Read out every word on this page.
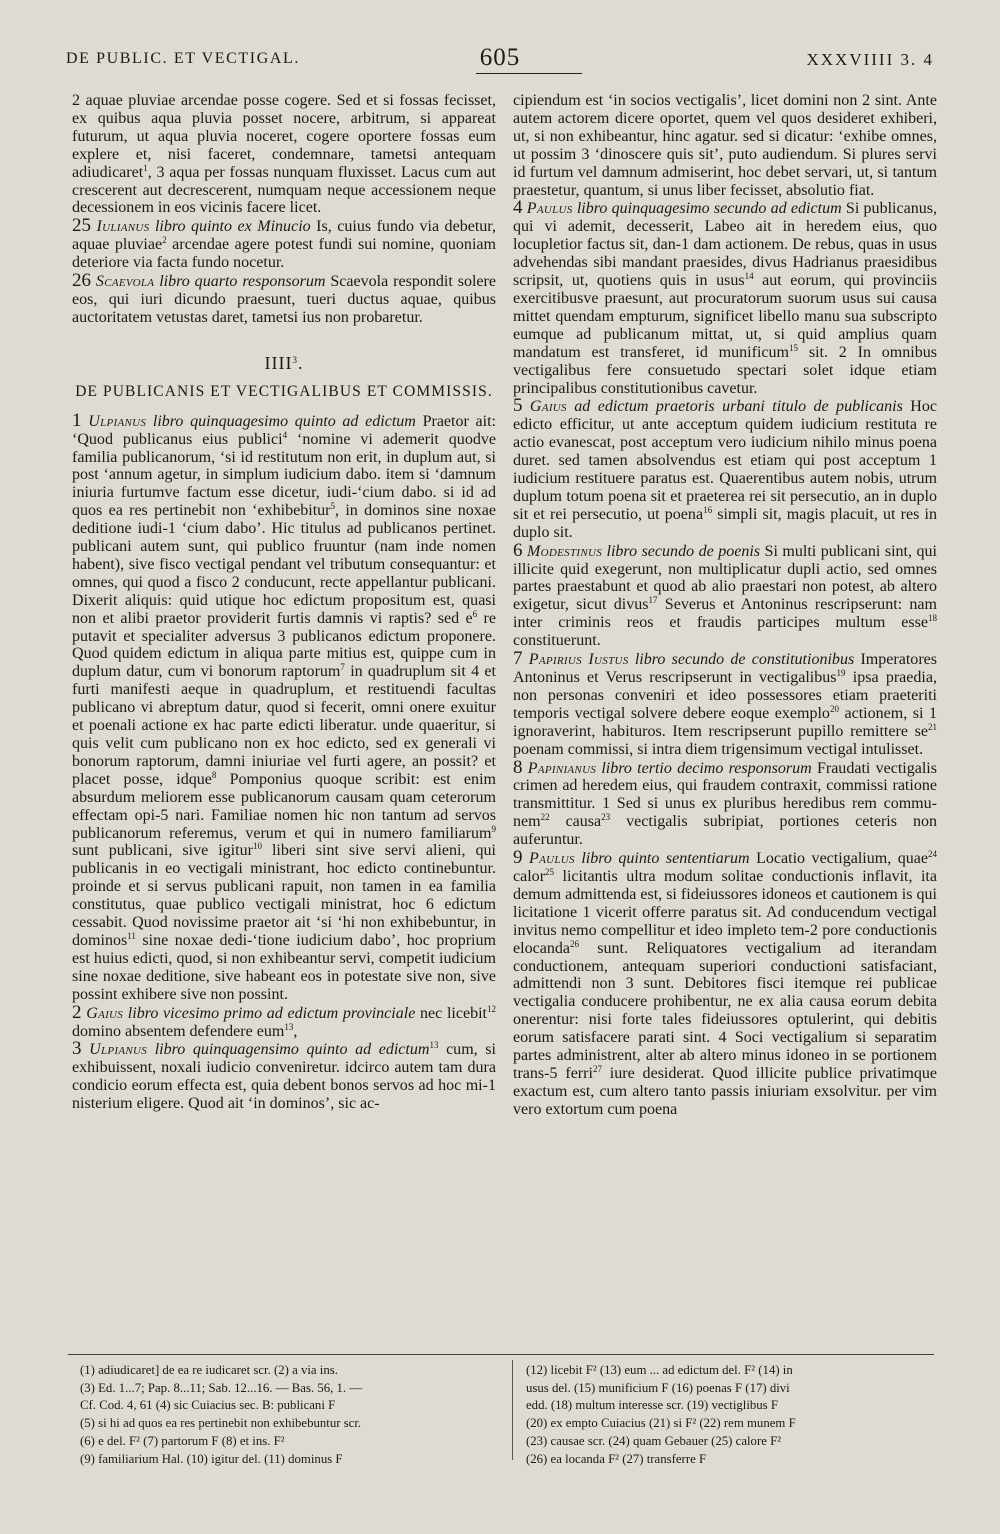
DE PUBLIC. ET VECTIGAL.	605	XXXVIIII 3. 4

2 aquae pluviae arcendae posse cogere. Sed et si fossas fecisset, ex quibus aqua pluvia posset nocere, arbitrum, si appareat futurum, ut aqua pluvia noceret, cogere oportere fossas eum explere et, nisi faceret, condemnare, tametsi antequam adiudicaret$^1$, 3 aqua per fossas nunquam fluxisset. Lacus cum aut crescerent aut decrescerent, numquam neque accessionem neque decessionem in eos vicinis facere licet.

25 Iulianus libro quinto ex Minucio Is, cuius fundo via debetur, aquae pluviae$^2$ arcendae agere potest fundi sui nomine, quoniam deteriore via facta fundo nocetur.

26 Scaevola libro quarto responsorum Scaevola respondit solere eos, qui iuri dicundo praesunt, tueri ductus aquae, quibus auctoritatem vetustas daret, tametsi ius non probaretur.

IIII$^3$.

DE PUBLICANIS ET VECTIGALIBUS ET COMMISSIS.

1 Ulpianus libro quinquagesimo quinto ad edictum Praetor ait: ‘Quod publicanus eius publici$^4$ ‘nomine vi ademerit quodve familia publicanorum, ‘si id restitutum non erit, in duplum aut, si post ‘annum agetur, in simplum iudicium dabo. item si ‘damnum iniuria furtumve factum esse dicetur, iudi-‘cium dabo. si id ad quos ea res pertinebit non ‘exhibebitur$^5$, in dominos sine noxae deditione iudi-1 ‘cium dabo’. Hic titulus ad publicanos pertinet. publicani autem sunt, qui publico fruuntur (nam inde nomen habent), sive fisco vectigal pendant vel tributum consequantur: et omnes, qui quod a fisco 2 conducunt, recte appellantur publicani. Dixerit aliquis: quid utique hoc edictum propositum est, quasi non et alibi praetor providerit furtis damnis vi raptis? sed $e^6$ re putavit et specialiter adversus 3 publicanos edictum proponere. Quod quidem edictum in aliqua parte mitius est, quippe cum in duplum datur, cum vi bonorum raptorum$^7$ in quadruplum sit 4 et furti manifesti aeque in quadruplum, et restituendi facultas publicano vi abreptum datur, quod si fecerit, omni onere exuitur et poenali actione ex hac parte edicti liberatur. unde quaeritur, si quis velit cum publicano non ex hoc edicto, sed ex generali vi bonorum raptorum, damni iniuriae vel furti agere, an possit? et placet posse, idque$^8$ Pomponius quoque scribit: est enim absurdum meliorem esse publicanorum causam quam ceterorum effectam opi-5 nari. Familiae nomen hic non tantum ad servos publicanorum referemus, verum et qui in numero familiarum$^9$ sunt publicani, sive igitur$^{10}$ liberi sint sive servi alieni, qui publicanis in eo vectigali ministrant, hoc edicto continebuntur. proinde et si servus publicani rapuit, non tamen in ea familia constitutus, quae publico vectigali ministrat, hoc 6 edictum cessabit. Quod novissime praetor ait ‘si ‘hi non exhibebuntur, in dominos$^{11}$ sine noxae dedi-‘tione iudicium dabo’, hoc proprium est huius edicti, quod, si non exhibeantur servi, competit iudicium sine noxae deditione, sive habeant eos in potestate sive non, sive possint exhibere sive non possint.

2 Gaius libro vicesimo primo ad edictum provinciale nec licebit$^{12}$ domino absentem defendere eum$^{13}$,

3 Ulpianus libro quinquagensimo quinto ad edictum$^{13}$ cum, si exhibuissent, noxali iudicio conveniretur. idcirco autem tam dura condicio eorum effecta est, quia debent bonos servos ad hoc mi-1 nisterium eligere. Quod ait ‘in dominos’, sic ac-

cipiendum est ‘in socios vectigalis’, licet domini non 2 sint. Ante autem actorem dicere oportet, quem vel quos desideret exhiberi, ut, si non exhibeantur, hinc agatur. sed si dicatur: ‘exhibe omnes, ut possim 3 ‘dinoscere quis sit’, puto audiendum. Si plures servi id furtum vel damnum admiserint, hoc debet servari, ut, si tantum praestetur, quantum, si unus liber fecisset, absolutio fiat.

4 Paulus libro quinquagesimo secundo ad edictum Si publicanus, qui vi ademit, decesserit, Labeo ait in heredem eius, quo locupletior factus sit, dan-1 dam actionem. De rebus, quas in usus advehendas sibi mandant praesides, divus Hadrianus praesidibus scripsit, ut, quotiens quis in usus$^{14}$ aut eorum, qui provinciis exercitibusve praesunt, aut procuratorum suorum usus sui causa mittet quendam empturum, significet libello manu sua subscripto eumque ad publicanum mittat, ut, si quid amplius quam mandatum est transferet, id munificum$^{15}$ sit. 2 In omnibus vectigalibus fere consuetudo spectari solet idque etiam principalibus constitutionibus cavetur.

5 Gaius ad edictum praetoris urbani titulo de publicanis Hoc edicto efficitur, ut ante acceptum quidem iudicium restituta re actio evanescat, post acceptum vero iudicium nihilo minus poena duret. sed tamen absolvendus est etiam qui post acceptum 1 iudicium restituere paratus est. Quaerentibus autem nobis, utrum duplum totum poena sit et praeterea rei sit persecutio, an in duplo sit et rei persecutio, ut poena$^{16}$ simpli sit, magis placuit, ut res in duplo sit.

6 Modestinus libro secundo de poenis Si multi publicani sint, qui illicite quid exegerunt, non multiplicatur dupli actio, sed omnes partes praestabunt et quod ab alio praestari non potest, ab altero exigetur, sicut divus$^{17}$ Severus et Antoninus rescripserunt: nam inter criminis reos et fraudis participes multum esse$^{18}$ constituerunt.

7 Papirius Iustus libro secundo de constitutionibus Imperatores Antoninus et Verus rescripserunt in vectigalibus$^{19}$ ipsa praedia, non personas conveniri et ideo possessores etiam praeteriti temporis vectigal solvere debere eoque exemplo$^{20}$ actionem, si 1 ignoraverint, habituros. Item rescripserunt pupillo remittere $se^{21}$ poenam commissi, si intra diem trigensimum vectigal intulisset.

8 Papinianus libro tertio decimo responsorum Fraudati vectigalis crimen ad heredem eius, qui fraudem contraxit, commissi ratione transmittitur. 1 Sed si unus ex pluribus heredibus rem commu-nem$^{22}$ causa$^{23}$ vectigalis subripiat, portiones ceteris non auferuntur.

9 Paulus libro quinto sententiarum Locatio vectigalium, quae$^{24}$ calor$^{25}$ licitantis ultra modum solitae conductionis inflavit, ita demum admittenda est, si fideiussores idoneos et cautionem is qui licitatione 1 vicerit offerre paratus sit. Ad conducendum vectigal invitus nemo compellitur et ideo impleto tem-2 pore conductionis elocanda$^{26}$ sunt. Reliquatores vectigalium ad iterandam conductionem, antequam superiori conductioni satisfaciant, admittendi non 3 sunt. Debitores fisci itemque rei publicae vectigalia conducere prohibentur, ne ex alia causa eorum debita onerentur: nisi forte tales fideiussores optulerint, qui debitis eorum satisfacere parati sint. 4 Soci vectigalium si separatim partes administrent, alter ab altero minus idoneo in se portionem trans-5 ferri$^{27}$ iure desiderat. Quod illicite publice privatimque exactum est, cum altero tanto passis iniuriam exsolvitur. per vim vero extortum cum poena

(1) adiudicaret] de ea re iudicaret scr. (2) a via ins.

(3) Ed. 1...7; Pap. 8...11; Sab. 12...16. — Bas. 56, 1. —

Cf. Cod. 4, 61 (4) sic Cuiacius sec. B: publicani F

(5) si hi ad quos ea res pertinebit non exhibebuntur scr.

(6) e del. F² (7) partorum F (8) et ins. F²

(9) familiarium Hal. (10) igitur del. (11) dominus F

(12) licebit F² (13) eum ... ad edictum del. F² (14) in

usus del. (15) munificium F (16) poenas F (17) divi

edd. (18) multum interesse scr. (19) vectiglibus F

(20) ex empto Cuiacius (21) si F² (22) rem munem F

(23) causae scr. (24) quam Gebauer (25) calore F²

(26) ea locanda F² (27) transferre F
